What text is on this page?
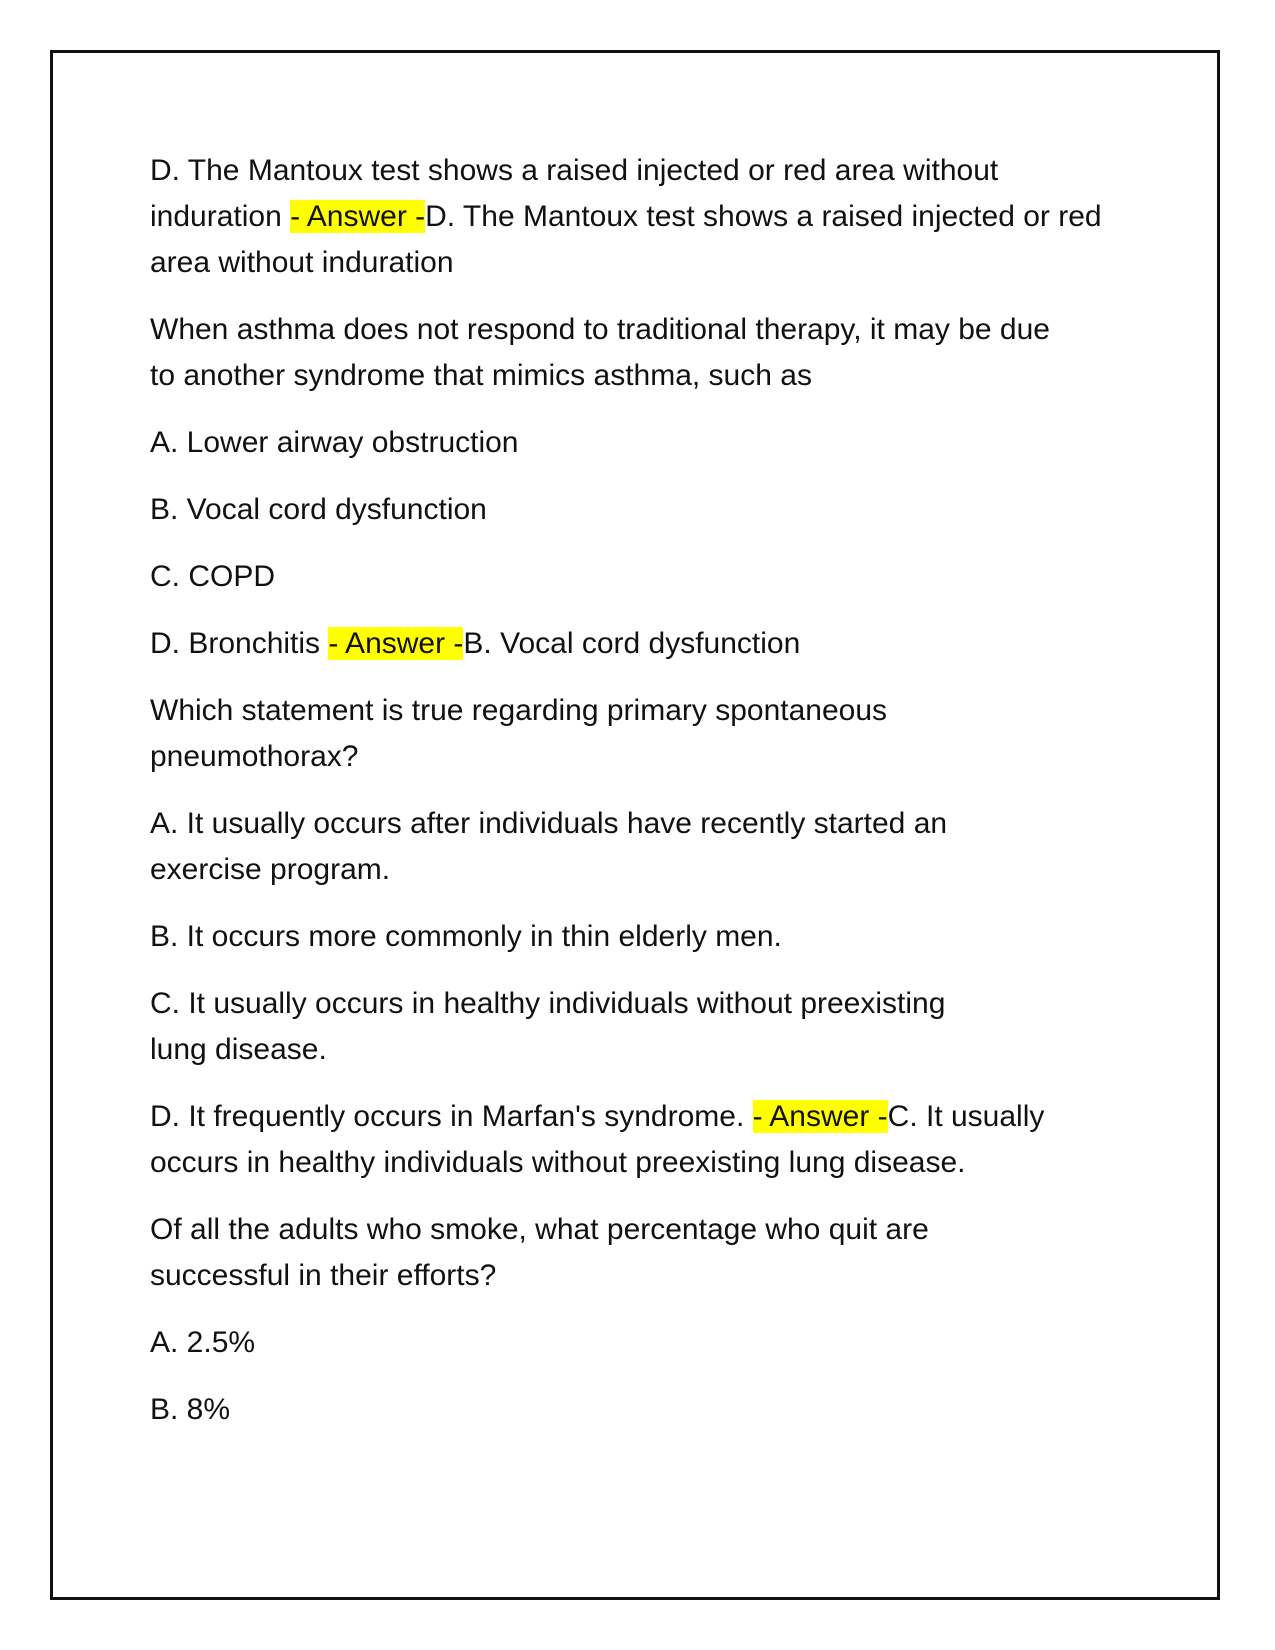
D. The Mantoux test shows a raised injected or red area without induration - Answer -D. The Mantoux test shows a raised injected or red area without induration

When asthma does not respond to traditional therapy, it may be due to another syndrome that mimics asthma, such as

A. Lower airway obstruction

B. Vocal cord dysfunction

C. COPD

D. Bronchitis - Answer -B. Vocal cord dysfunction

Which statement is true regarding primary spontaneous pneumothorax?

A. It usually occurs after individuals have recently started an exercise program.

B. It occurs more commonly in thin elderly men.

C. It usually occurs in healthy individuals without preexisting lung disease.

D. It frequently occurs in Marfan's syndrome. - Answer -C. It usually occurs in healthy individuals without preexisting lung disease.

Of all the adults who smoke, what percentage who quit are successful in their efforts?

A. 2.5%

B. 8%
